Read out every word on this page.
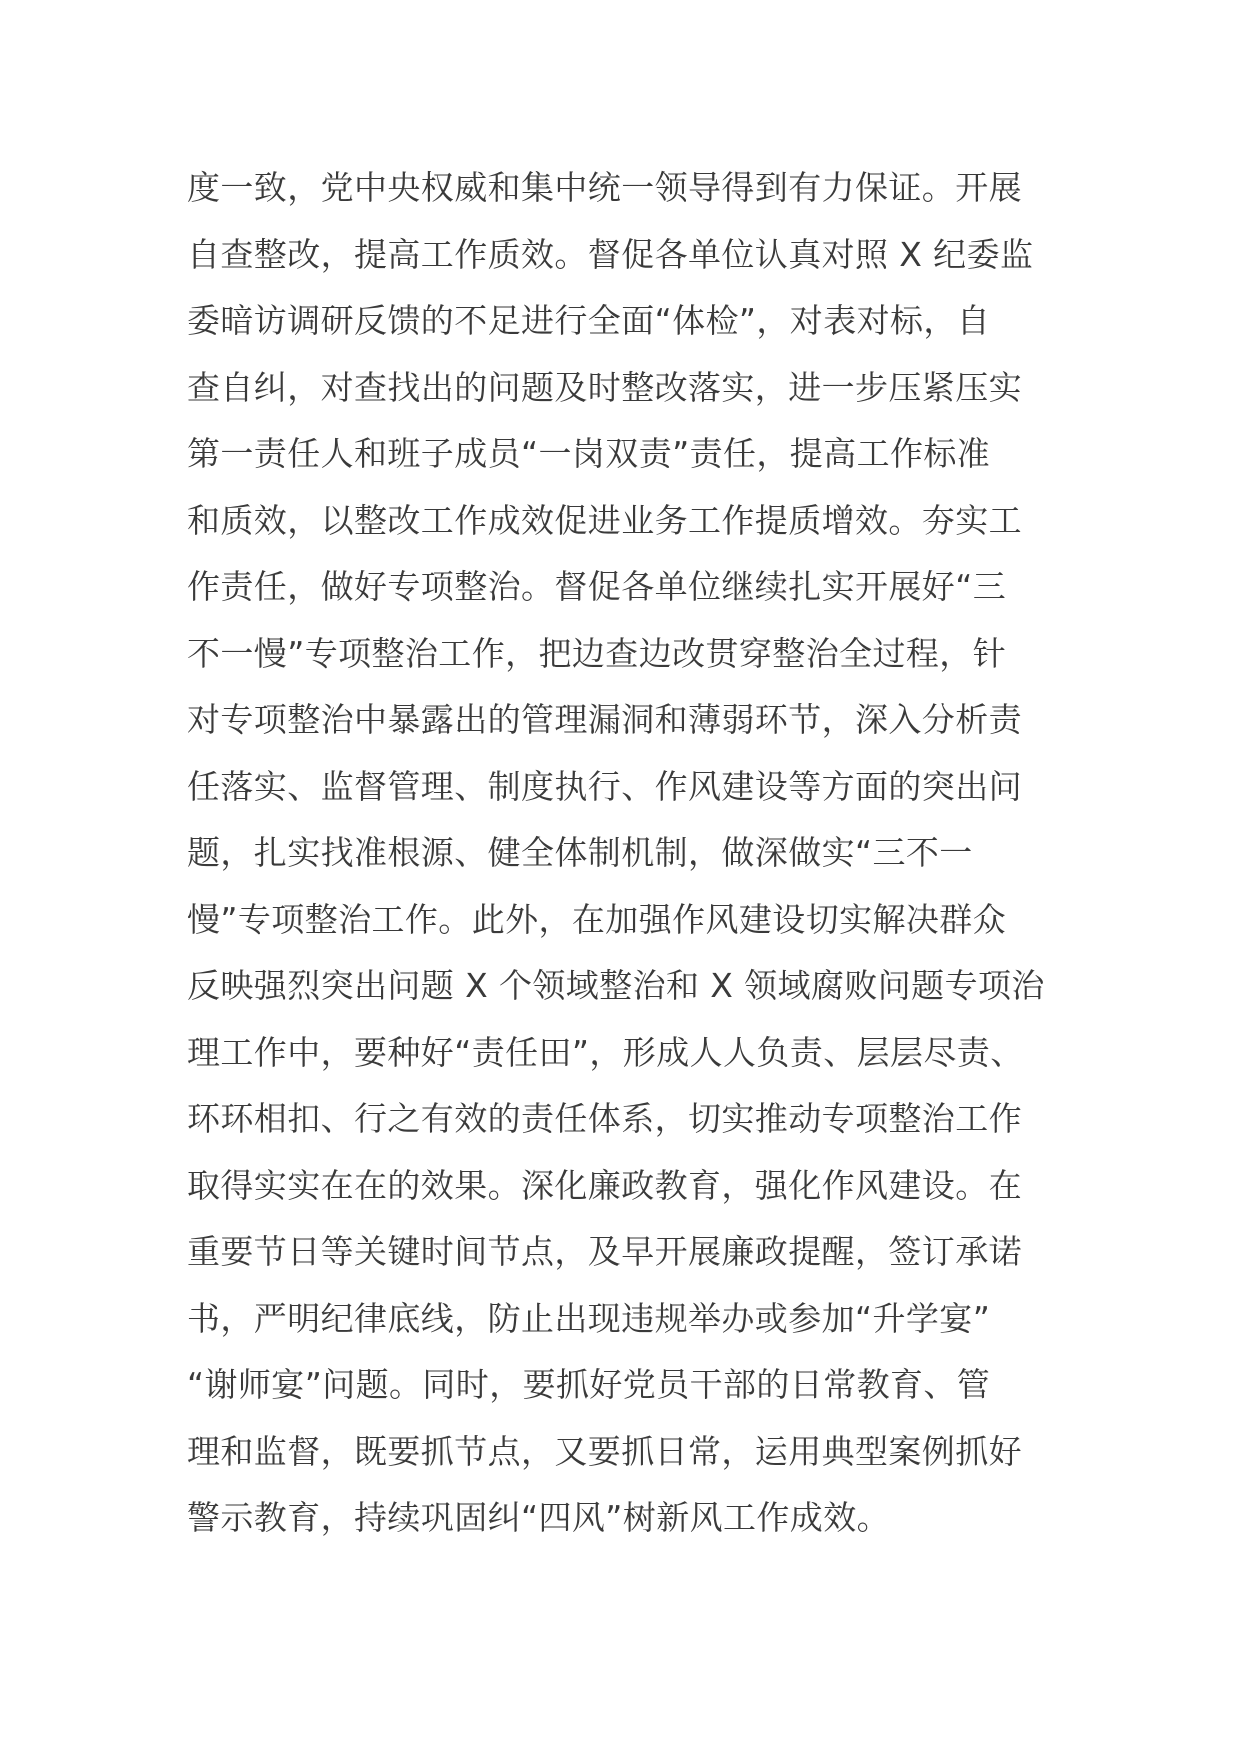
度一致，党中央权威和集中统一领导得到有力保证。开展
自查整改，提高工作质效。督促各单位认真对照 X 纪委监
委暗访调研反馈的不足进行全面“体检”，对表对标，自
查自纠，对查找出的问题及时整改落实，进一步压紧压实
第一责任人和班子成员“一岗双责”责任，提高工作标准
和质效，以整改工作成效促进业务工作提质增效。夯实工
作责任，做好专项整治。督促各单位继续扎实开展好“三
不一慢”专项整治工作，把边查边改贯穿整治全过程，针
对专项整治中暴露出的管理漏洞和薄弱环节，深入分析责
任落实、监督管理、制度执行、作风建设等方面的突出问
题，扎实找准根源、健全体制机制，做深做实“三不一
慢”专项整治工作。此外，在加强作风建设切实解决群众
反映强烈突出问题 X 个领域整治和 X 领域腐败问题专项治
理工作中，要种好“责任田”，形成人人负责、层层尽责、
环环相扣、行之有效的责任体系，切实推动专项整治工作
取得实实在在的效果。深化廉政教育，强化作风建设。在
重要节日等关键时间节点，及早开展廉政提醒，签订承诺
书，严明纪律底线，防止出现违规举办或参加“升学宴”
“谢师宴”问题。同时，要抓好党员干部的日常教育、管
理和监督，既要抓节点，又要抓日常，运用典型案例抓好
警示教育，持续巩固纠“四风”树新风工作成效。
